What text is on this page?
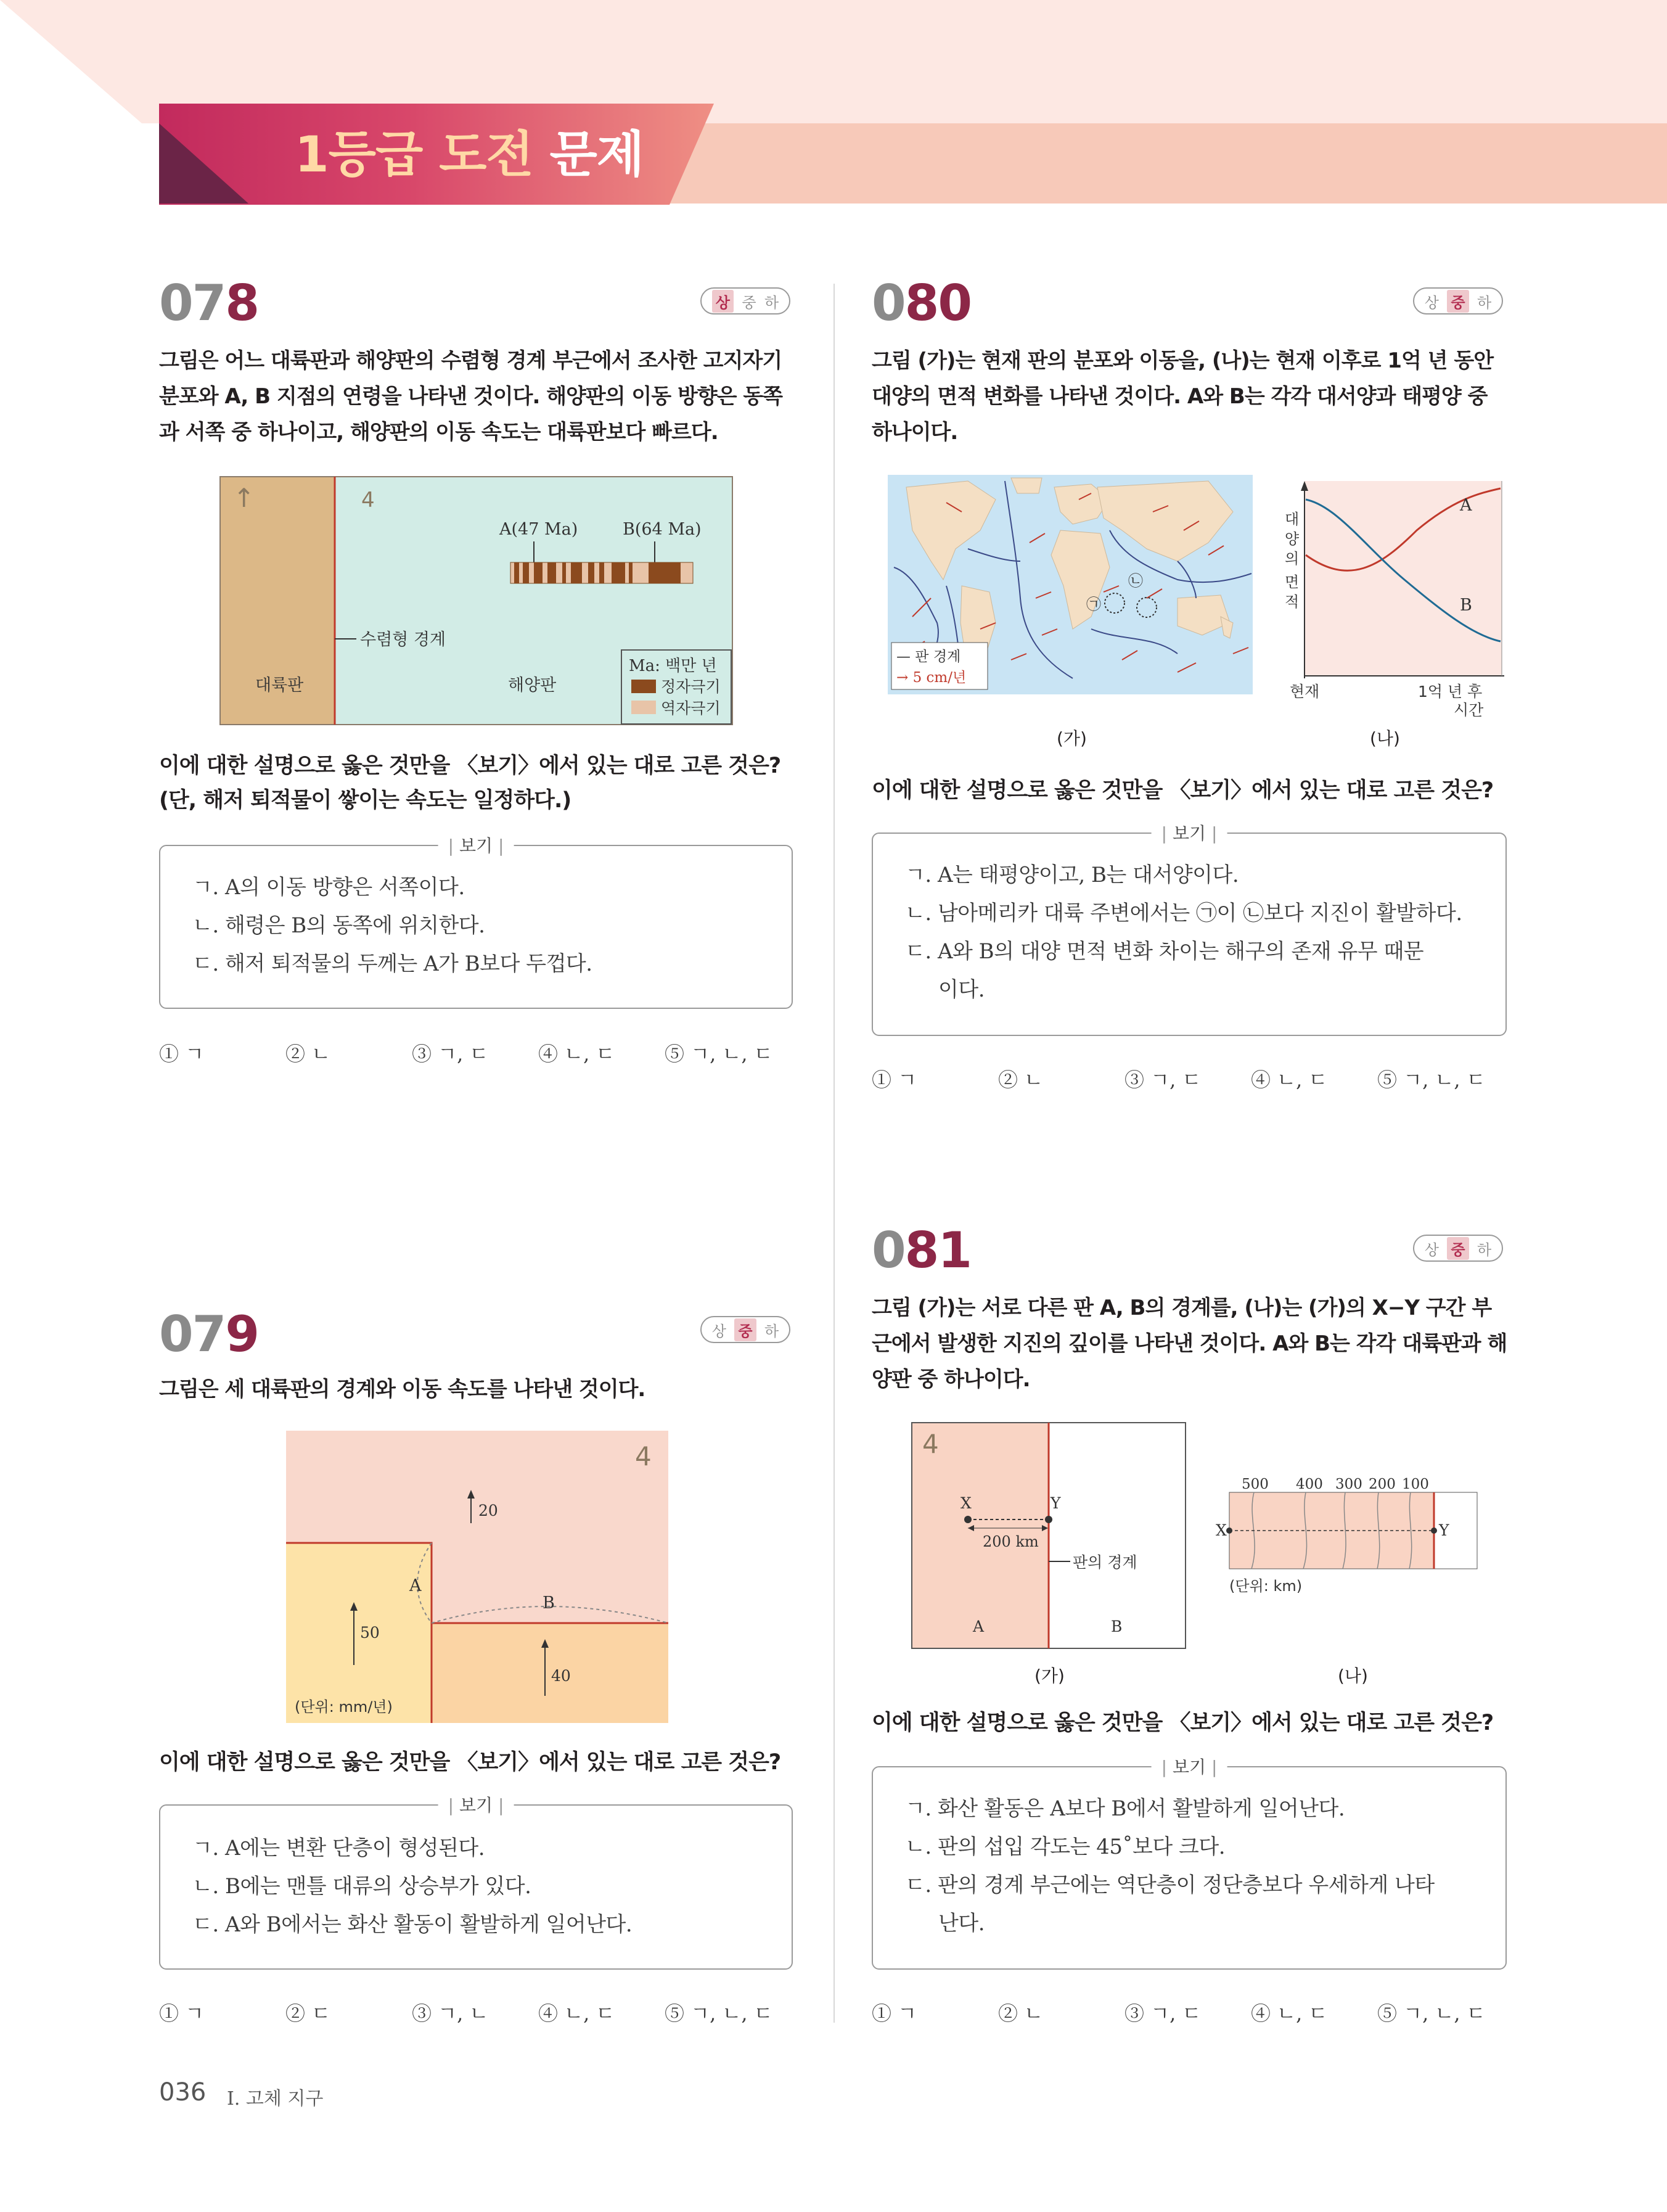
1등급 도전 문제
078	상 중 하
그림은 어느 대륙판과 해양판의 수렴형 경계 부근에서 조사한 고지자기 분포와 A, B 지점의 연령을 나타낸 것이다. 해양판의 이동 방향은 동쪽과 서쪽 중 하나이고, 해양판의 이동 속도는 대륙판보다 빠르다.
↑	4
A(47 Ma)	B(64 Ma)
수렴형 경계
대륙판	해양판
Ma: 백만 년
정자극기
역자극기
이에 대한 설명으로 옳은 것만을 〈보기〉에서 있는 대로 고른 것은? (단, 해저 퇴적물이 쌓이는 속도는 일정하다.)
| 보기 |
ㄱ. A의 이동 방향은 서쪽이다.
ㄴ. 해령은 B의 동쪽에 위치한다.
ㄷ. 해저 퇴적물의 두께는 A가 B보다 두껍다.
① ㄱ	② ㄴ	③ ㄱ, ㄷ	④ ㄴ, ㄷ	⑤ ㄱ, ㄴ, ㄷ
079	상 중 하
그림은 세 대륙판의 경계와 이동 속도를 나타낸 것이다.
4
20
50
40
A
B
(단위: mm/년)
이에 대한 설명으로 옳은 것만을 〈보기〉에서 있는 대로 고른 것은?
| 보기 |
ㄱ. A에는 변환 단층이 형성된다.
ㄴ. B에는 맨틀 대류의 상승부가 있다.
ㄷ. A와 B에서는 화산 활동이 활발하게 일어난다.
① ㄱ	② ㄷ	③ ㄱ, ㄴ	④ ㄴ, ㄷ	⑤ ㄱ, ㄴ, ㄷ
080	상 중 하
그림 (가)는 현재 판의 분포와 이동을, (나)는 현재 이후로 1억 년 동안 대양의 면적 변화를 나타낸 것이다. A와 B는 각각 대서양과 태평양 중 하나이다.
㉠
㉡
— 판 경계
→ 5 cm/년
A
B
대
양
의
면
적
현재	1억 년 후
시간
(가)	(나)
이에 대한 설명으로 옳은 것만을 〈보기〉에서 있는 대로 고른 것은?
| 보기 |
ㄱ. A는 태평양이고, B는 대서양이다.
ㄴ. 남아메리카 대륙 주변에서는 ㉠이 ㉡보다 지진이 활발하다.
ㄷ. A와 B의 대양 면적 변화 차이는 해구의 존재 유무 때문
이다.
① ㄱ	② ㄴ	③ ㄱ, ㄷ	④ ㄴ, ㄷ	⑤ ㄱ, ㄴ, ㄷ
081	상 중 하
그림 (가)는 서로 다른 판 A, B의 경계를, (나)는 (가)의 X−Y 구간 부근에서 발생한 지진의 깊이를 나타낸 것이다. A와 B는 각각 대륙판과 해양판 중 하나이다.
4
X	Y
200 km
판의 경계
A	B
500 400 300 200 100
X	Y
(단위: km)
(가)	(나)
이에 대한 설명으로 옳은 것만을 〈보기〉에서 있는 대로 고른 것은?
| 보기 |
ㄱ. 화산 활동은 A보다 B에서 활발하게 일어난다.
ㄴ. 판의 섭입 각도는 45˚보다 크다.
ㄷ. 판의 경계 부근에는 역단층이 정단층보다 우세하게 나타
난다.
① ㄱ	② ㄴ	③ ㄱ, ㄷ	④ ㄴ, ㄷ	⑤ ㄱ, ㄴ, ㄷ
036 I. 고체 지구
